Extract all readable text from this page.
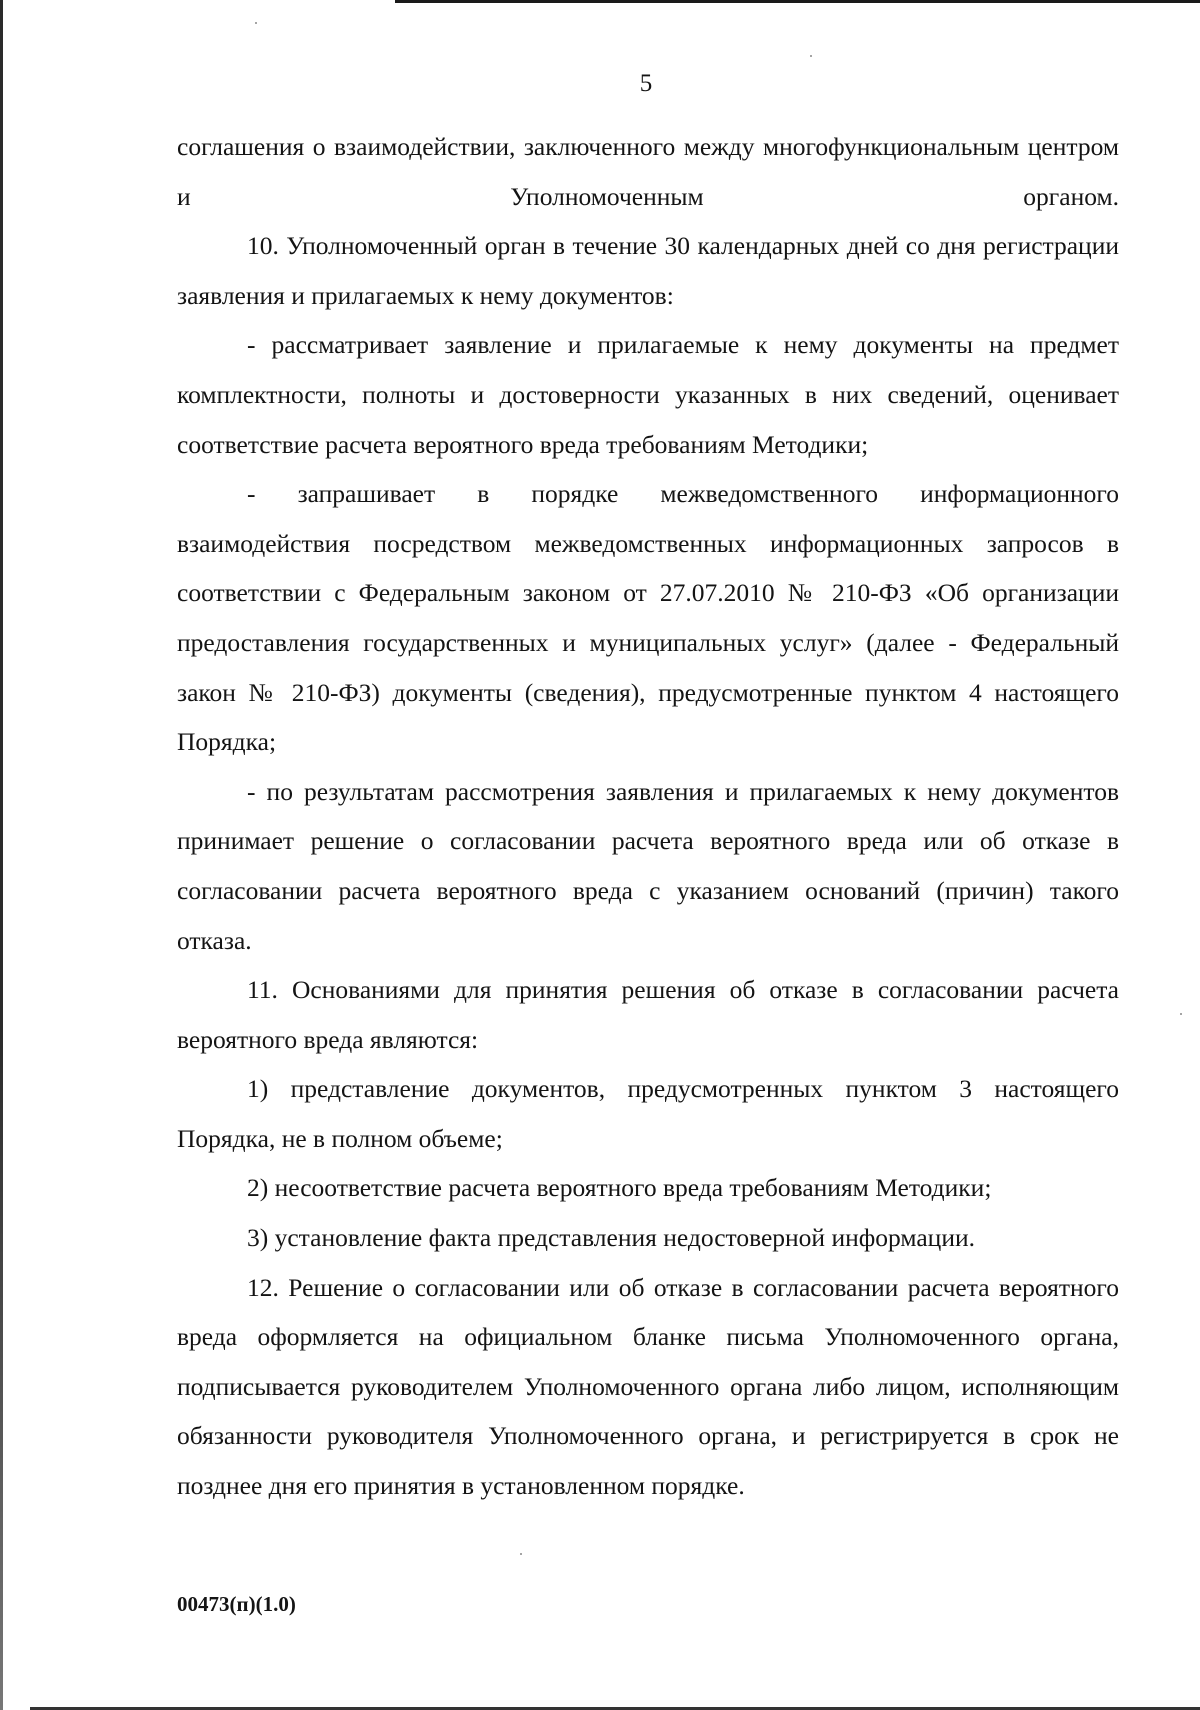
5

соглашения о взаимодействии, заключенного между многофункциональным центром и Уполномоченным органом.

10. Уполномоченный орган в течение 30 календарных дней со дня регистрации заявления и прилагаемых к нему документов:

- рассматривает заявление и прилагаемые к нему документы на предмет комплектности, полноты и достоверности указанных в них сведений, оценивает соответствие расчета вероятного вреда требованиям Методики;

- запрашивает в порядке межведомственного информационного взаимодействия посредством межведомственных информационных запросов в соответствии с Федеральным законом от 27.07.2010 № 210-ФЗ «Об организации предоставления государственных и муниципальных услуг» (далее - Федеральный закон № 210-ФЗ) документы (сведения), предусмотренные пунктом 4 настоящего Порядка;

- по результатам рассмотрения заявления и прилагаемых к нему документов принимает решение о согласовании расчета вероятного вреда или об отказе в согласовании расчета вероятного вреда с указанием оснований (причин) такого отказа.

11. Основаниями для принятия решения об отказе в согласовании расчета вероятного вреда являются:

1) представление документов, предусмотренных пунктом 3 настоящего Порядка, не в полном объеме;

2) несоответствие расчета вероятного вреда требованиям Методики;

3) установление факта представления недостоверной информации.

12. Решение о согласовании или об отказе в согласовании расчета вероятного вреда оформляется на официальном бланке письма Уполномоченного органа, подписывается руководителем Уполномоченного органа либо лицом, исполняющим обязанности руководителя Уполномоченного органа, и регистрируется в срок не позднее дня его принятия в установленном порядке.

00473(п)(1.0)
